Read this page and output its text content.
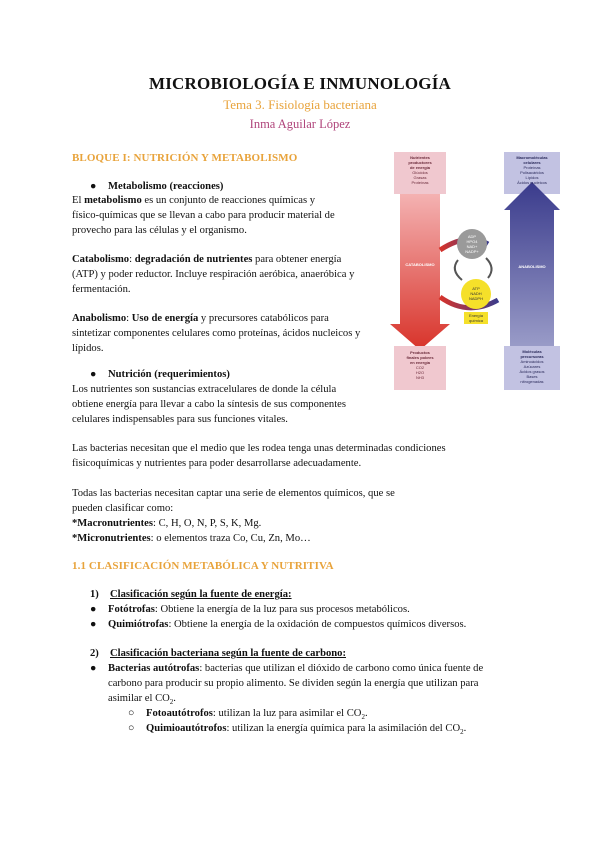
MICROBIOLOGÍA E INMUNOLOGÍA
Tema 3. Fisiología bacteriana
Inma Aguilar López
BLOQUE I: NUTRICIÓN Y METABOLISMO
● Metabolismo (reacciones)
El metabolismo es un conjunto de reacciones químicas y
físico-químicas que se llevan a cabo para producir material de
provecho para las células y el organismo.
Catabolismo: degradación de nutrientes para obtener energía
(ATP) y poder reductor. Incluye respiración aeróbica, anaeróbica y
fermentación.
Anabolismo: Uso de energía y precursores catabólicos para
sintetizar componentes celulares como proteínas, ácidos nucleicos y
lípidos.
● Nutrición (requerimientos)
Los nutrientes son sustancias extracelulares de donde la célula
obtiene energía para llevar a cabo la síntesis de sus componentes
celulares indispensables para sus funciones vitales.
Las bacterias necesitan que el medio que les rodea tenga unas determinadas condiciones
fisicoquímicas y nutrientes para poder desarrollarse adecuadamente.
Todas las bacterias necesitan captar una serie de elementos químicos, que se
pueden clasificar como:
*Macronutrientes: C, H, O, N, P, S, K, Mg.
*Micronutrientes: o elementos traza Co, Cu, Zn, Mo…
1.1 CLASIFICACIÓN METABÓLICA Y NUTRITIVA
1) Clasificación según la fuente de energía:
● Fotótrofas: Obtiene la energía de la luz para sus procesos metabólicos.
● Quimiótrofas: Obtiene la energía de la oxidación de compuestos químicos diversos.
2) Clasificación bacteriana según la fuente de carbono:
● Bacterias autótrofas: bacterias que utilizan el dióxido de carbono como única fuente de
carbono para producir su propio alimento. Se dividen según la energía que utilizan para
asimilar el $CO_2$.
○ Fotoautótrofos: utilizan la luz para asimilar el $CO_2$.
○ Quimioautótrofos: utilizan la energía química para la asimilación del $CO_2$.
Nutrientes
productores
de energía
Glúcidos
Grasas
Proteínas
Macromoléculas
celulares
Proteínas
Polisacáridos
Lípidos
Ácidos nucleicos
CATABOLISMO	ANABOLISMO
Productos
finales pobres
en energía
CO2
H2O
NH3
Moléculas
precursoras
Aminoácidos
Azúcares
Ácidos grasos
Bases
nitrogenadas
ADP
HPO4
NAD+
NADP+
ATP
NADH
NADPH
Energía
química
